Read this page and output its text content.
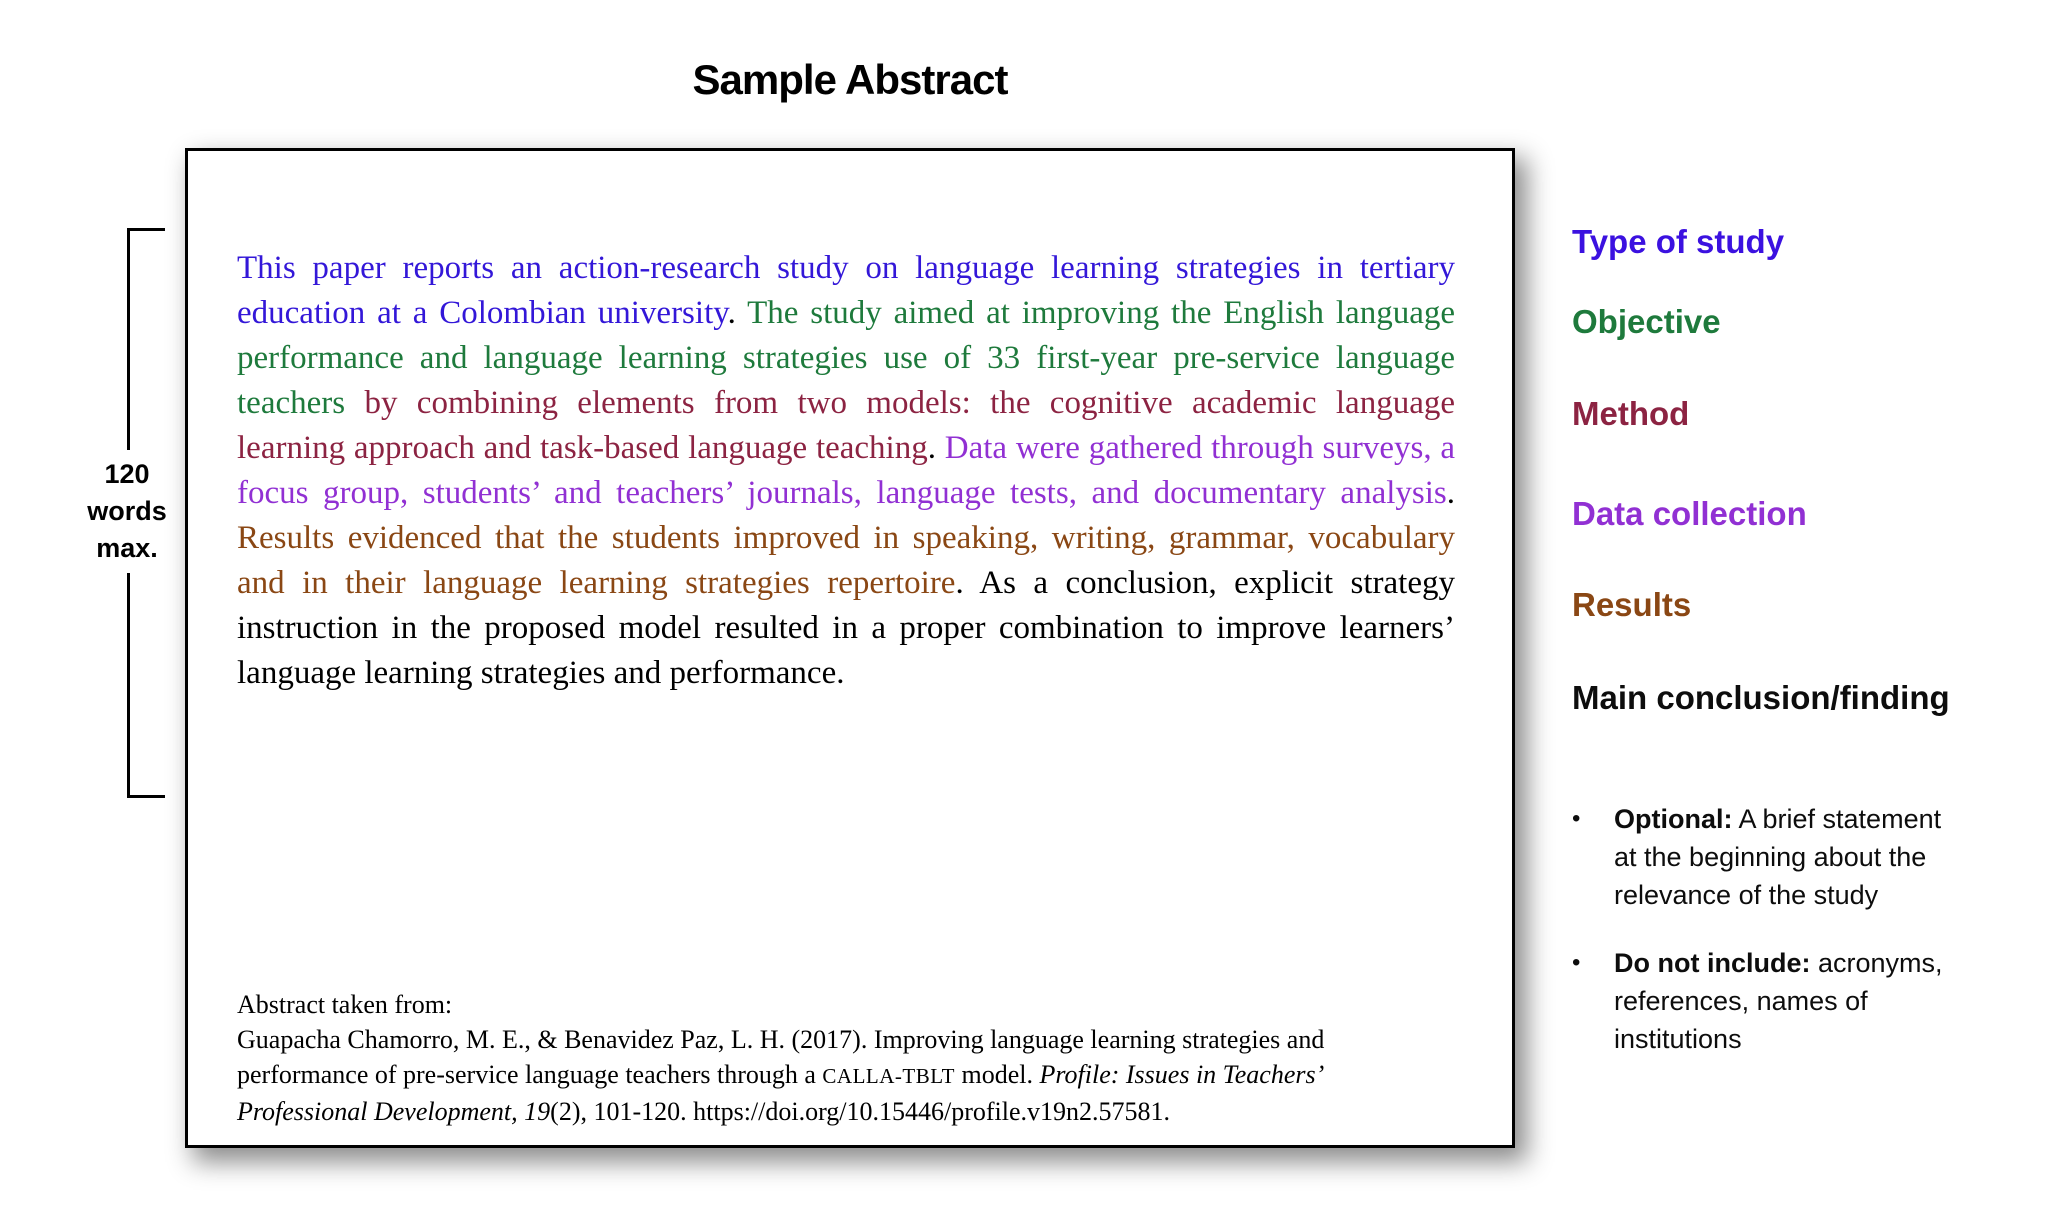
Sample Abstract
120
words
max.

This paper reports an action-research study on language learning strategies in tertiary education at a Colombian university. The study aimed at improving the English language performance and language learning strategies use of 33 first-year pre-service language teachers by combining elements from two models: the cognitive academic language learning approach and task-based language teaching. Data were gathered through surveys, a focus group, students’ and teachers’ journals, language tests, and documentary analysis. Results evidenced that the students improved in speaking, writing, grammar, vocabulary and in their language learning strategies repertoire. As a conclusion, explicit strategy instruction in the proposed model resulted in a proper combination to improve learners’ language learning strategies and performance.

Abstract taken from:
Guapacha Chamorro, M. E., & Benavidez Paz, L. H. (2017). Improving language learning strategies and performance of pre-service language teachers through a CALLA-TBLT model. Profile: Issues in Teachers’ Professional Development, 19(2), 101-120. https://doi.org/10.15446/profile.v19n2.57581.
Type of study
Objective
Method
Data collection
Results
Main conclusion/finding
•	Optional: A brief statement at the beginning about the relevance of the study
•	Do not include: acronyms, references, names of institutions
